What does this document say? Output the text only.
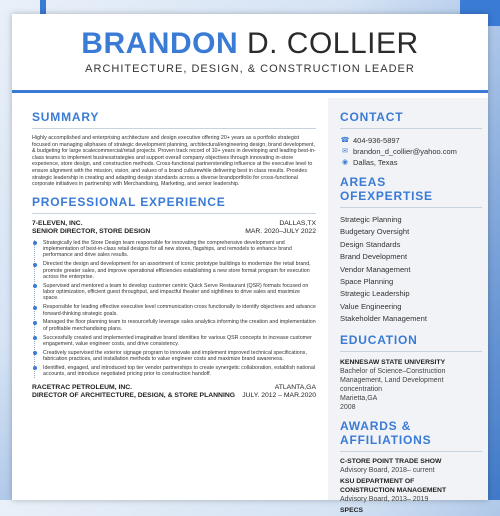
BRANDON D. COLLIER
ARCHITECTURE, DESIGN, & CONSTRUCTION LEADER
SUMMARY
Highly accomplished and enterprising architecture and design executive offering 20+ years as a portfolio strategist focused on managing allphases of strategic development planning, architectural/engineering design, brand development, & budgeting for large scalecommercial/retail projects. Proven track record of 10+ years in developing and leading best-in-class teams to implement businesstrategies and support overall company objectives through innovating in-store experience, store design, and construction methods. Cross-functional partnerxtending influence at the executive level to ensure alignment with the mission, vision, and values of a brand culturewhile delivering best in class results. Provides strategic leadership in creating and adapting design standards across a diverse brandportfolio for cross-functional corporate initiatives in partnership with Merchandising, Marketing, and senior leadership.
PROFESSIONAL EXPERIENCE
7-ELEVEN, INC.	DALLAS,TX
SENIOR DIRECTOR, STORE DESIGN	MAR. 2020–JULY 2022
Strategically led the Store Design team responsible for innovating the comprehensive development and implementation of best-in-class retail designs for all new stores, flagships, and remodels to enhance brand performance and drive sales results.
Directed the design and development for an assortment of iconic prototype buildings to modernize the retail brand, promote greater sales, and improve operational efficiencies establishing a new store format program for execution across the enterprise.
Supervised and mentored a team to develop customer centric Quick Serve Restaurant (QSR) formats focused on labor optimization, efficient guest throughput, and impactful theater and sightlines to drive sales and maximize space.
Responsible for leading effective executive level communication cross functionally to identify objectives and advance forward-thinking strategic goals.
Managed the floor planning team to resourcefully leverage sales analytics informing the creation and implementation of profitable merchandising plans.
Successfully created and implemented imaginative brand identities for various QSR concepts to increase customer engagement, value engineer costs, and drive consistency.
Creatively supervised the exterior signage program to innovate and implement improved technical specifications, fabrication practices, and installation methods to value engineer costs and maximize brand awareness.
Identified, engaged, and introduced top tier vendor partnerships to create synergetic collaboration, establish national accounts, and introduce negotiated pricing prior to construction handoff.
RACETRAC PETROLEUM, INC.	ATLANTA,GA
DIRECTOR OF ARCHITECTURE, DESIGN, & STORE PLANNING JULY. 2012 – MAR.2020
CONTACT
☎ 404-936-5897
✉ brandon_d_collier@yahoo.com
◉ Dallas, Texas
AREAS OFEXPERTISE
Strategic Planning
Budgetary Oversight
Design Standards
Brand Development
Vendor Management
Space Planning
Strategic Leadership
Value Engineering
Stakeholder Management
EDUCATION
KENNESAW STATE UNIVERSITY
Bachelor of Science–Construction
Management, Land Development
concentration
Marietta,GA
2008
AWARDS & AFFILIATIONS
C-STORE POINT TRADE SHOW
Advisory Board, 2018– current
KSU DEPARTMENT OF
CONSTRUCTION MANAGEMENT
Advisory Board, 2013– 2019
SPECS
